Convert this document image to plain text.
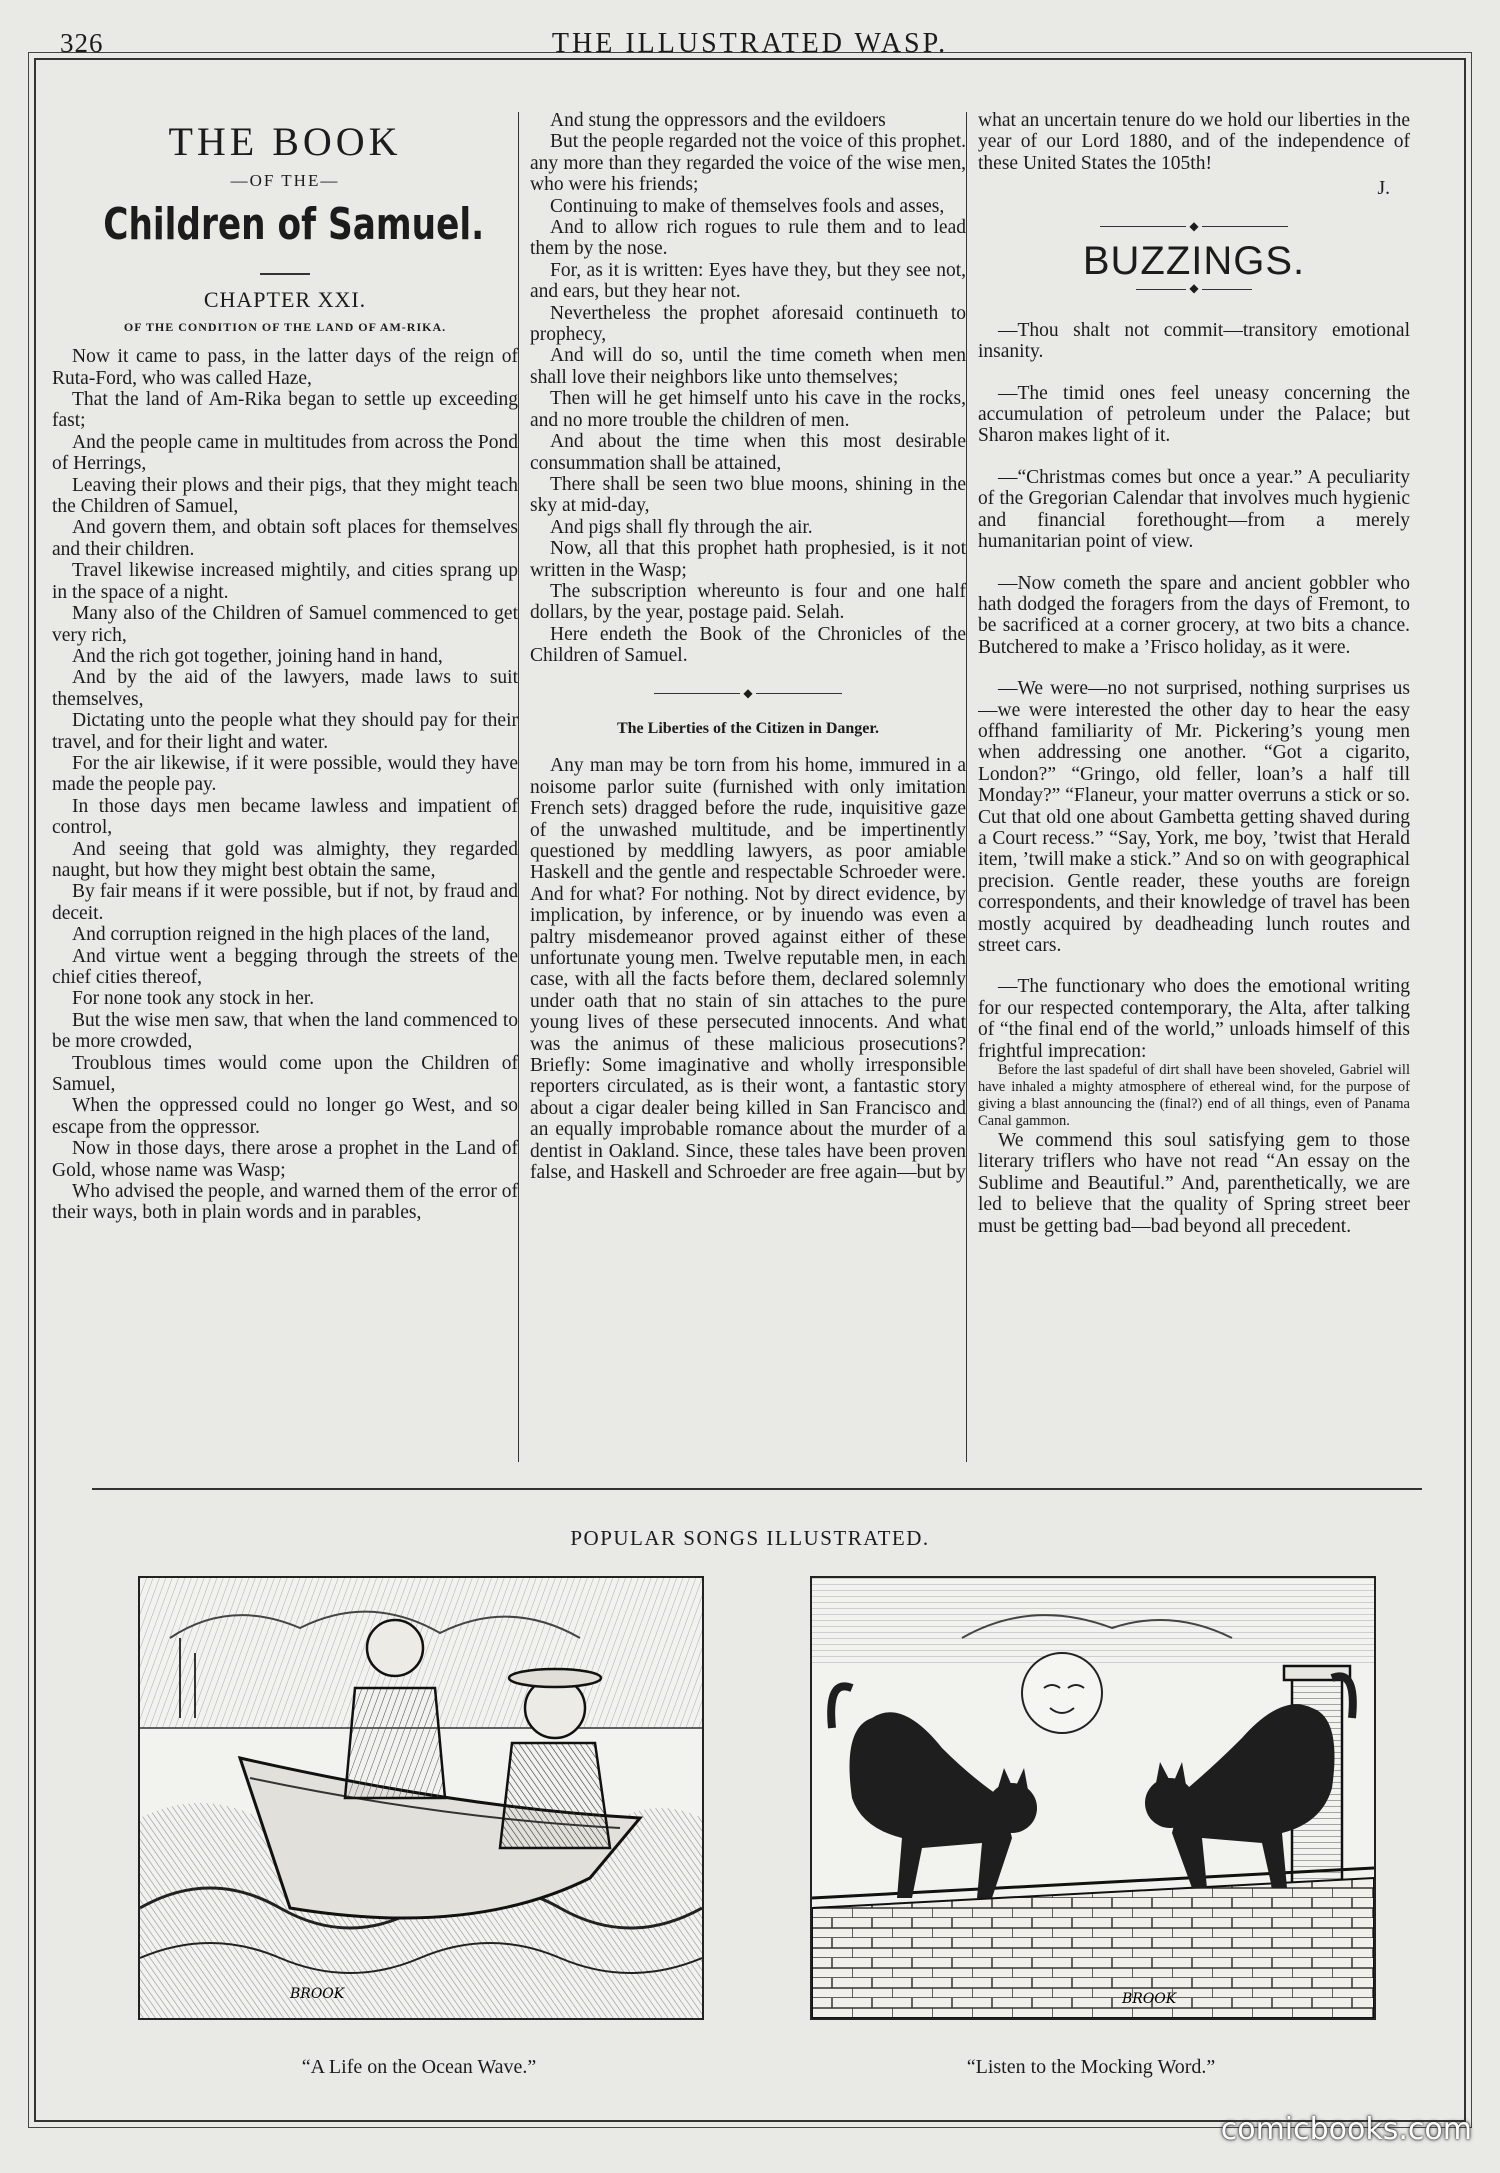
326	THE ILLUSTRATED WASP.
THE BOOK
—OF THE—
Children of Samuel.
CHAPTER XXI.
OF THE CONDITION OF THE LAND OF AM-RIKA.

Now it came to pass, in the latter days of the reign of Ruta-Ford, who was called Haze,

That the land of Am-Rika began to settle up exceeding fast;

And the people came in multitudes from across the Pond of Herrings,

Leaving their plows and their pigs, that they might teach the Children of Samuel,

And govern them, and obtain soft places for themselves and their children.

Travel likewise increased mightily, and cities sprang up in the space of a night.

Many also of the Children of Samuel commenced to get very rich,

And the rich got together, joining hand in hand,

And by the aid of the lawyers, made laws to suit themselves,

Dictating unto the people what they should pay for their travel, and for their light and water.

For the air likewise, if it were possible, would they have made the people pay.

In those days men became lawless and impatient of control,

And seeing that gold was almighty, they regarded naught, but how they might best obtain the same,

By fair means if it were possible, but if not, by fraud and deceit.

And corruption reigned in the high places of the land,

And virtue went a begging through the streets of the chief cities thereof,

For none took any stock in her.

But the wise men saw, that when the land commenced to be more crowded,

Troublous times would come upon the Children of Samuel,

When the oppressed could no longer go West, and so escape from the oppressor.

Now in those days, there arose a prophet in the Land of Gold, whose name was Wasp;

Who advised the people, and warned them of the error of their ways, both in plain words and in parables,

And stung the oppressors and the evildoers

But the people regarded not the voice of this prophet. any more than they regarded the voice of the wise men, who were his friends;

Continuing to make of themselves fools and asses,

And to allow rich rogues to rule them and to lead them by the nose.

For, as it is written: Eyes have they, but they see not, and ears, but they hear not.

Nevertheless the prophet aforesaid continueth to prophecy,

And will do so, until the time cometh when men shall love their neighbors like unto themselves;

Then will he get himself unto his cave in the rocks, and no more trouble the children of men.

And about the time when this most desirable consummation shall be attained,

There shall be seen two blue moons, shining in the sky at mid-day,

And pigs shall fly through the air.

Now, all that this prophet hath prophesied, is it not written in the Wasp;

The subscription whereunto is four and one half dollars, by the year, postage paid. Selah.

Here endeth the Book of the Chronicles of the Children of Samuel.

◆
The Liberties of the Citizen in Danger.

Any man may be torn from his home, immured in a noisome parlor suite (furnished with only imitation French sets) dragged before the rude, inquisitive gaze of the unwashed multitude, and be impertinently questioned by meddling lawyers, as poor amiable Haskell and the gentle and respectable Schroeder were. And for what? For nothing. Not by direct evidence, by implication, by inference, or by inuendo was even a paltry misdemeanor proved against either of these unfortunate young men. Twelve reputable men, in each case, with all the facts before them, declared solemnly under oath that no stain of sin attaches to the pure young lives of these persecuted innocents. And what was the animus of these malicious prosecutions? Briefly: Some imaginative and wholly irresponsible reporters circulated, as is their wont, a fantastic story about a cigar dealer being killed in San Francisco and an equally improbable romance about the murder of a dentist in Oakland. Since, these tales have been proven false, and Haskell and Schroeder are free again—but by

what an uncertain tenure do we hold our liberties in the year of our Lord 1880, and of the independence of these United States the 105th!

J.
◆
BUZZINGS.
◆

—Thou shalt not commit—transitory emotional insanity.

—The timid ones feel uneasy concerning the accumulation of petroleum under the Palace; but Sharon makes light of it.

—“Christmas comes but once a year.” A peculiarity of the Gregorian Calendar that involves much hygienic and financial forethought—from a merely humanitarian point of view.

—Now cometh the spare and ancient gobbler who hath dodged the foragers from the days of Fremont, to be sacrificed at a corner grocery, at two bits a chance. Butchered to make a ’Frisco holiday, as it were.

—We were—no not surprised, nothing surprises us—we were interested the other day to hear the easy offhand familiarity of Mr. Pickering’s young men when addressing one another. “Got a cigarito, London?” “Gringo, old feller, loan’s a half till Monday?” “Flaneur, your matter overruns a stick or so. Cut that old one about Gambetta getting shaved during a Court recess.” “Say, York, me boy, ’twist that Herald item, ’twill make a stick.” And so on with geographical precision. Gentle reader, these youths are foreign correspondents, and their knowledge of travel has been mostly acquired by deadheading lunch routes and street cars.

—The functionary who does the emotional writing for our respected contemporary, the Alta, after talking of “the final end of the world,” unloads himself of this frightful imprecation:

Before the last spadeful of dirt shall have been shoveled, Gabriel will have inhaled a mighty atmosphere of ethereal wind, for the purpose of giving a blast announcing the (final?) end of all things, even of Panama Canal gammon.

We commend this soul satisfying gem to those literary triflers who have not read “An essay on the Sublime and Beautiful.” And, parenthetically, we are led to believe that the quality of Spring street beer must be getting bad—bad beyond all precedent.

POPULAR SONGS ILLUSTRATED.
BROOK	BROOK
“A Life on the Ocean Wave.”	“Listen to the Mocking Word.”
comicbooks.com
